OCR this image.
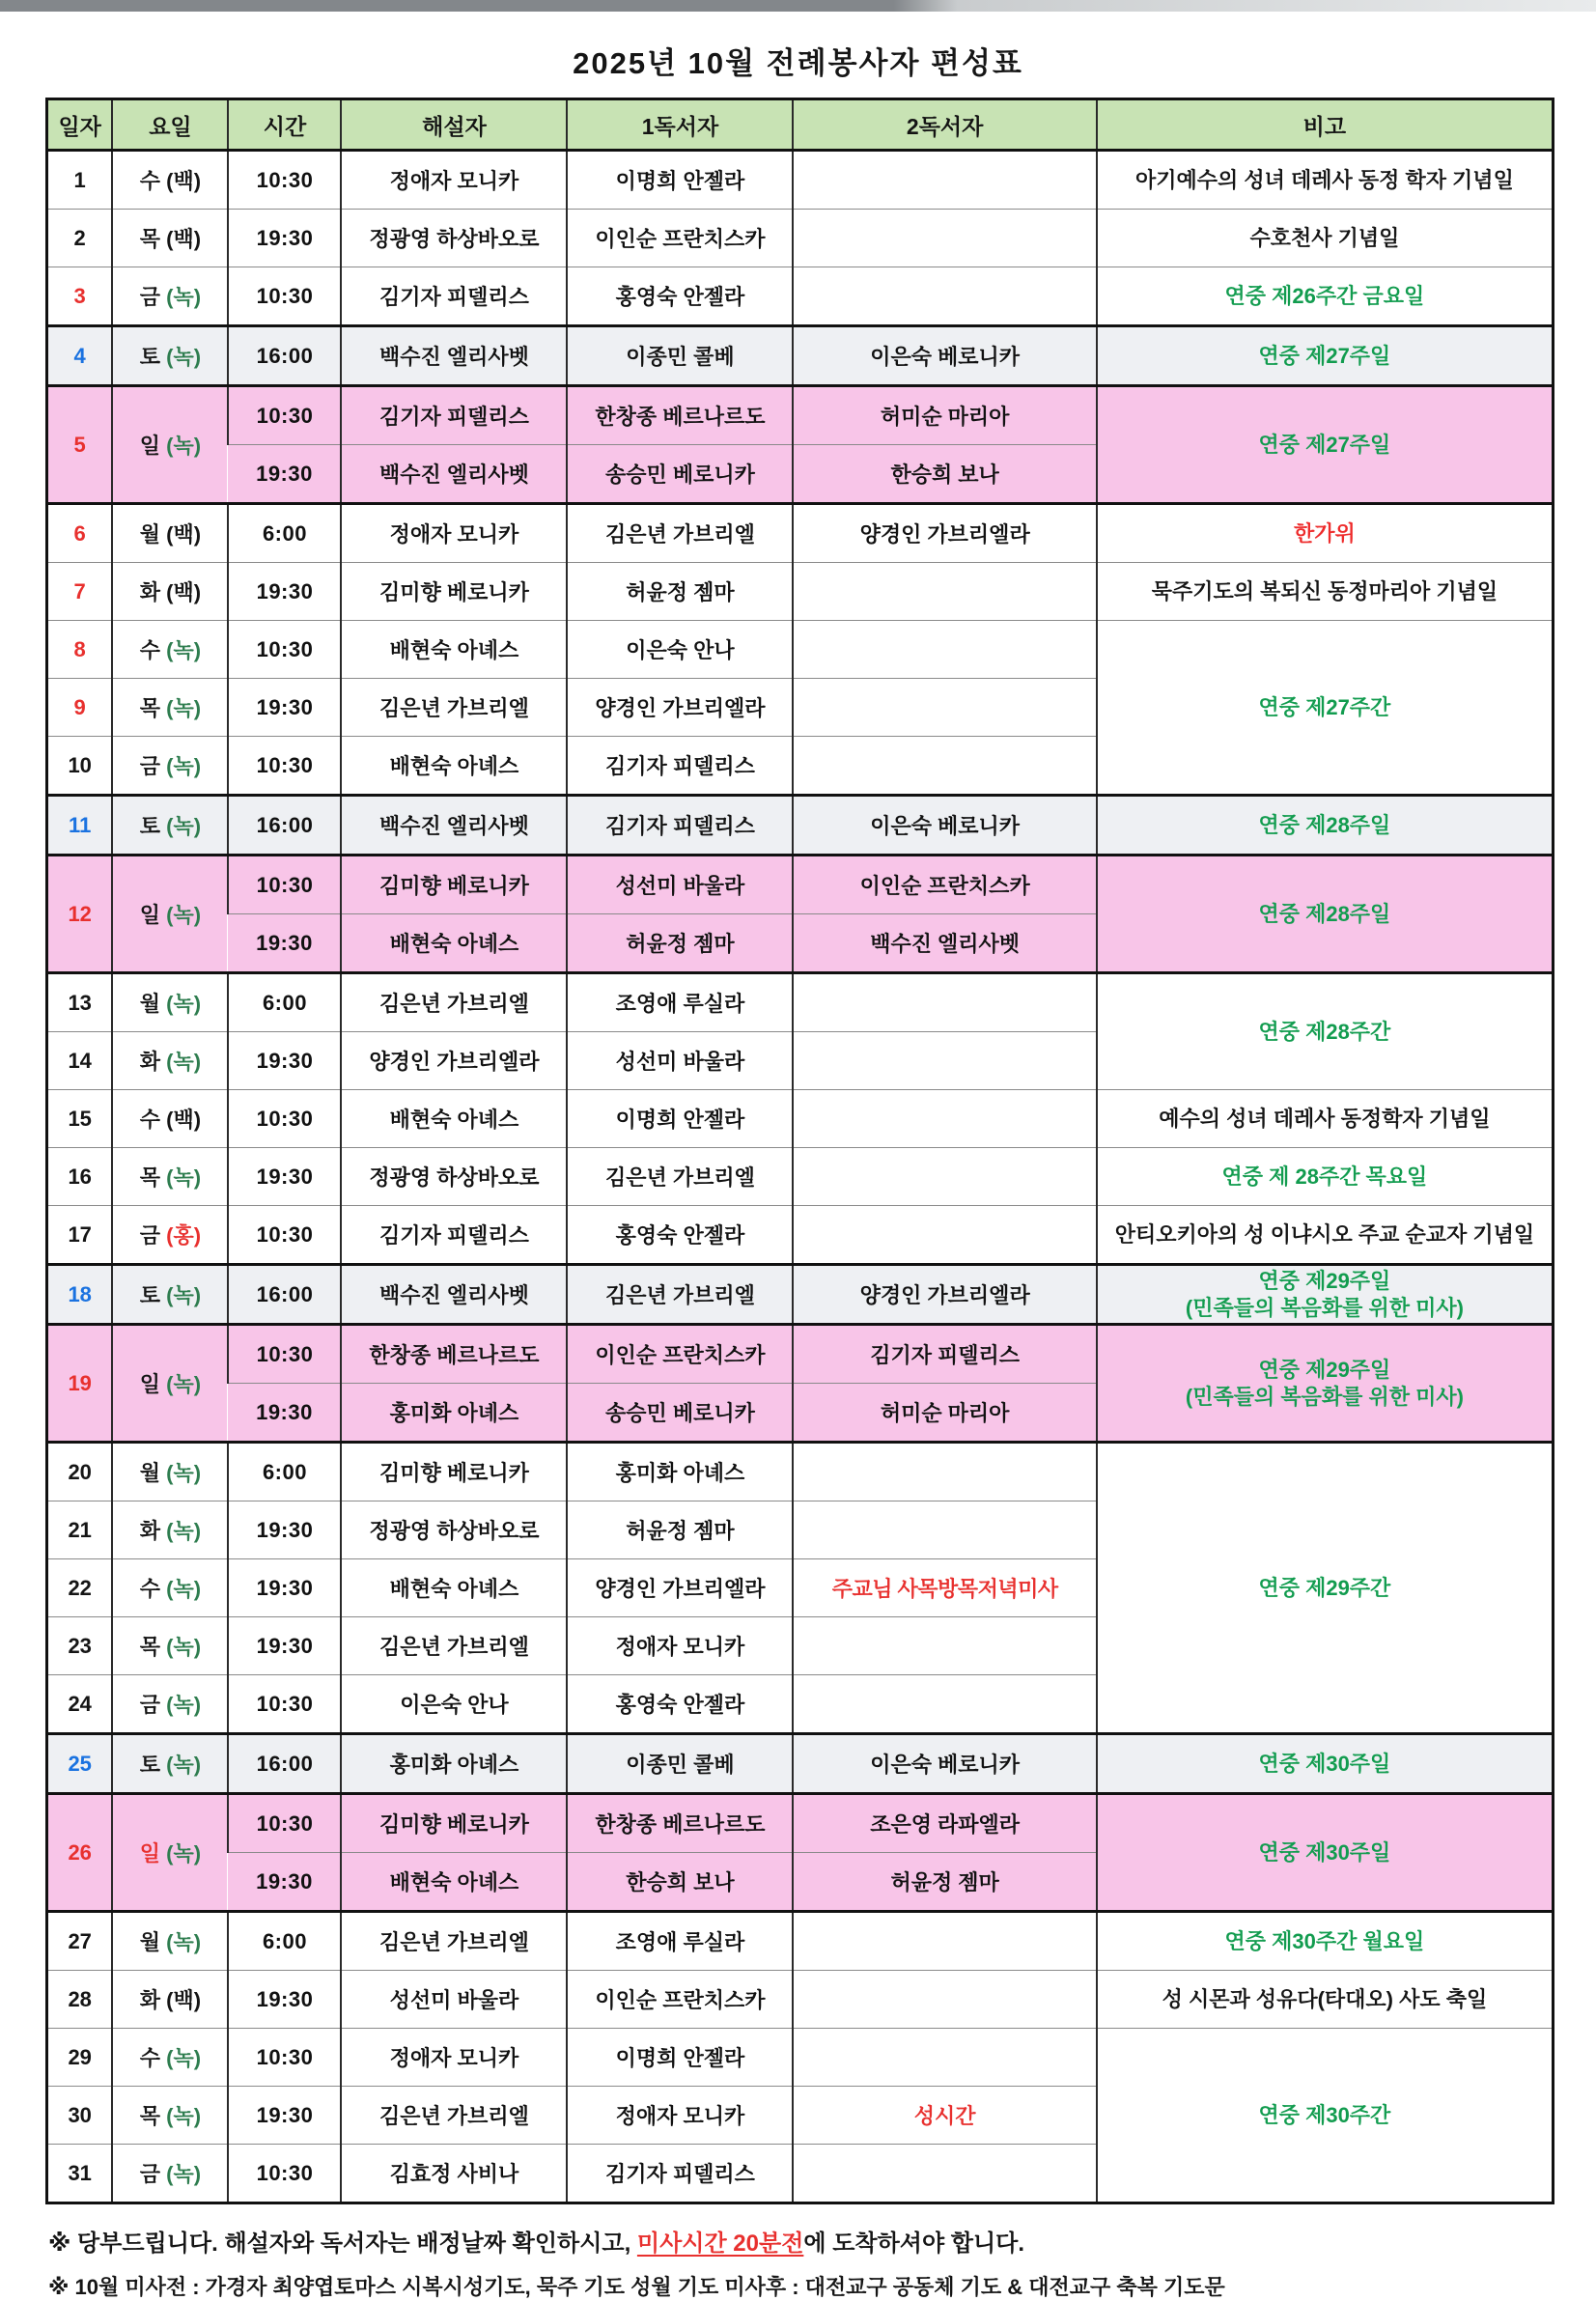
2025년 10월 전례봉사자 편성표
일자	요일	시간	해설자	1독서자	2독서자	비고
1	수 (백)	10:30	정애자 모니카	이명희 안젤라		아기예수의 성녀 데레사 동정 학자 기념일
2	목 (백)	19:30	정광영 하상바오로	이인순 프란치스카		수호천사 기념일
3	금 (녹)	10:30	김기자 피델리스	홍영숙 안젤라		연중 제26주간 금요일
4	토 (녹)	16:00	백수진 엘리사벳	이종민 콜베	이은숙 베로니카	연중 제27주일
5	일 (녹)	10:30	김기자 피델리스	한창종 베르나르도	허미순 마리아	연중 제27주일
		19:30	백수진 엘리사벳	송승민 베로니카	한승희 보나	
6	월 (백)	6:00	정애자 모니카	김은년 가브리엘	양경인 가브리엘라	한가위
7	화 (백)	19:30	김미향 베로니카	허윤정 젬마		묵주기도의 복되신 동정마리아 기념일
8	수 (녹)	10:30	배현숙 아녜스	이은숙 안나		연중 제27주간
9	목 (녹)	19:30	김은년 가브리엘	양경인 가브리엘라		
10	금 (녹)	10:30	배현숙 아녜스	김기자 피델리스		
11	토 (녹)	16:00	백수진 엘리사벳	김기자 피델리스	이은숙 베로니카	연중 제28주일
12	일 (녹)	10:30	김미향 베로니카	성선미 바울라	이인순 프란치스카	연중 제28주일
		19:30	배현숙 아녜스	허윤정 젬마	백수진 엘리사벳	
13	월 (녹)	6:00	김은년 가브리엘	조영애 루실라		연중 제28주간
14	화 (녹)	19:30	양경인 가브리엘라	성선미 바울라		
15	수 (백)	10:30	배현숙 아녜스	이명희 안젤라		예수의 성녀 데레사 동정학자 기념일
16	목 (녹)	19:30	정광영 하상바오로	김은년 가브리엘		연중 제 28주간 목요일
17	금 (홍)	10:30	김기자 피델리스	홍영숙 안젤라		안티오키아의 성 이냐시오 주교 순교자 기념일
18	토 (녹)	16:00	백수진 엘리사벳	김은년 가브리엘	양경인 가브리엘라	연중 제29주일
(민족들의 복음화를 위한 미사)
19	일 (녹)	10:30	한창종 베르나르도	이인순 프란치스카	김기자 피델리스	연중 제29주일
(민족들의 복음화를 위한 미사)
		19:30	홍미화 아녜스	송승민 베로니카	허미순 마리아	
20	월 (녹)	6:00	김미향 베로니카	홍미화 아녜스		연중 제29주간
21	화 (녹)	19:30	정광영 하상바오로	허윤정 젬마		
22	수 (녹)	19:30	배현숙 아녜스	양경인 가브리엘라	주교님 사목방목저녁미사	
23	목 (녹)	19:30	김은년 가브리엘	정애자 모니카		
24	금 (녹)	10:30	이은숙 안나	홍영숙 안젤라		
25	토 (녹)	16:00	홍미화 아녜스	이종민 콜베	이은숙 베로니카	연중 제30주일
26	일 (녹)	10:30	김미향 베로니카	한창종 베르나르도	조은영 라파엘라	연중 제30주일
		19:30	배현숙 아녜스	한승희 보나	허윤정 젬마	
27	월 (녹)	6:00	김은년 가브리엘	조영애 루실라		연중 제30주간 월요일
28	화 (백)	19:30	성선미 바울라	이인순 프란치스카		성 시몬과 성유다(타대오) 사도 축일
29	수 (녹)	10:30	정애자 모니카	이명희 안젤라		연중 제30주간
30	목 (녹)	19:30	김은년 가브리엘	정애자 모니카	성시간	
31	금 (녹)	10:30	김효정 사비나	김기자 피델리스		

※ 당부드립니다. 해설자와 독서자는 배정날짜 확인하시고, 미사시간 20분전에 도착하셔야 합니다.

※ 10월 미사전 : 가경자 최양엽토마스 시복시성기도, 묵주 기도 성월 기도 미사후 : 대전교구 공동체 기도 & 대전교구 축복 기도문
